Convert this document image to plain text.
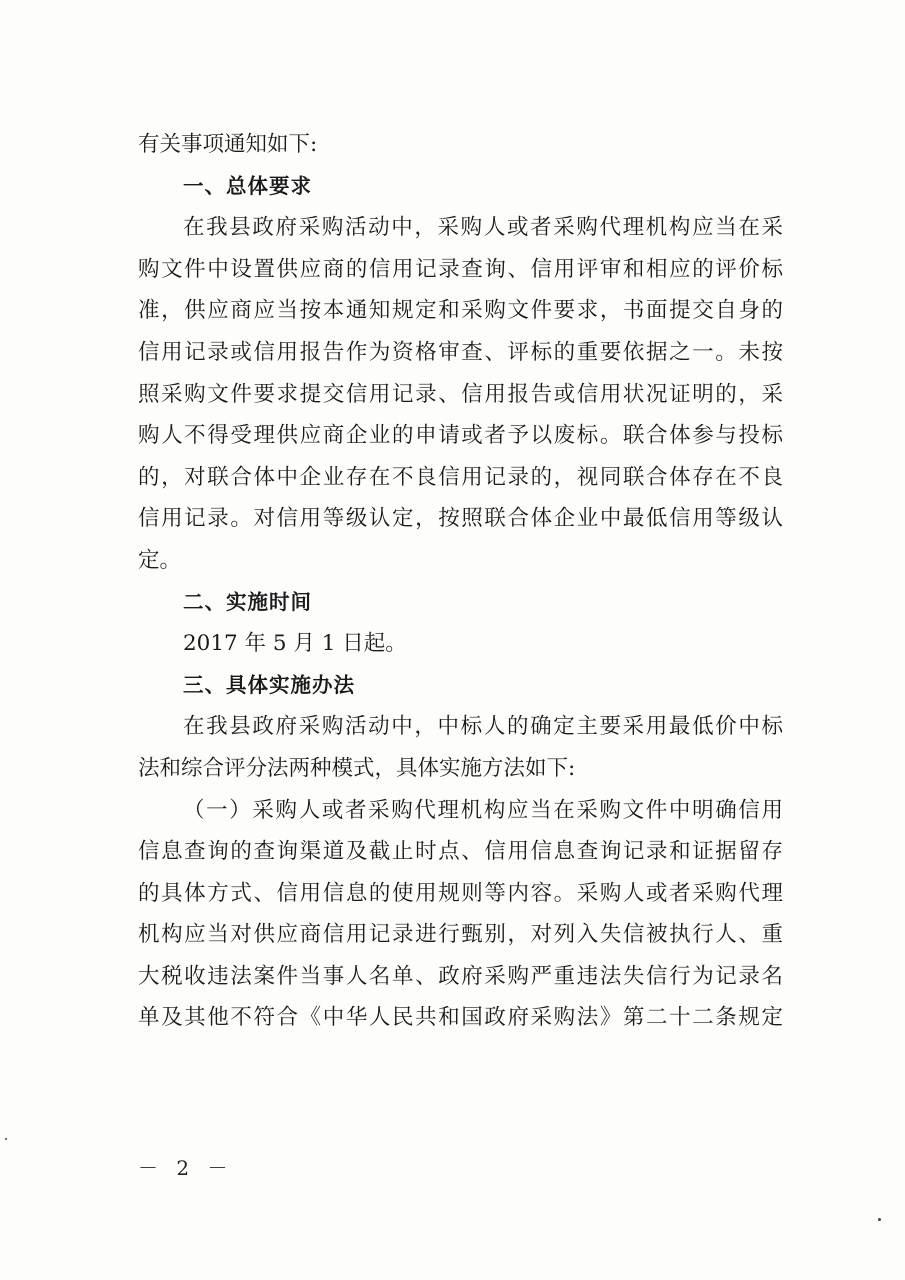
有关事项通知如下:
一、总体要求
在我县政府采购活动中，采购人或者采购代理机构应当在采
购文件中设置供应商的信用记录查询、信用评审和相应的评价标
准，供应商应当按本通知规定和采购文件要求，书面提交自身的
信用记录或信用报告作为资格审查、评标的重要依据之一。未按
照采购文件要求提交信用记录、信用报告或信用状况证明的，采
购人不得受理供应商企业的申请或者予以废标。联合体参与投标
的，对联合体中企业存在不良信用记录的，视同联合体存在不良
信用记录。对信用等级认定，按照联合体企业中最低信用等级认
定。
二、实施时间
2017 年 5 月 1 日起。
三、具体实施办法
在我县政府采购活动中，中标人的确定主要采用最低价中标
法和综合评分法两种模式，具体实施方法如下:
（一）采购人或者采购代理机构应当在采购文件中明确信用
信息查询的查询渠道及截止时点、信用信息查询记录和证据留存
的具体方式、信用信息的使用规则等内容。采购人或者采购代理
机构应当对供应商信用记录进行甄别，对列入失信被执行人、重
大税收违法案件当事人名单、政府采购严重违法失信行为记录名
单及其他不符合《中华人民共和国政府采购法》第二十二条规定
－ 2 －
